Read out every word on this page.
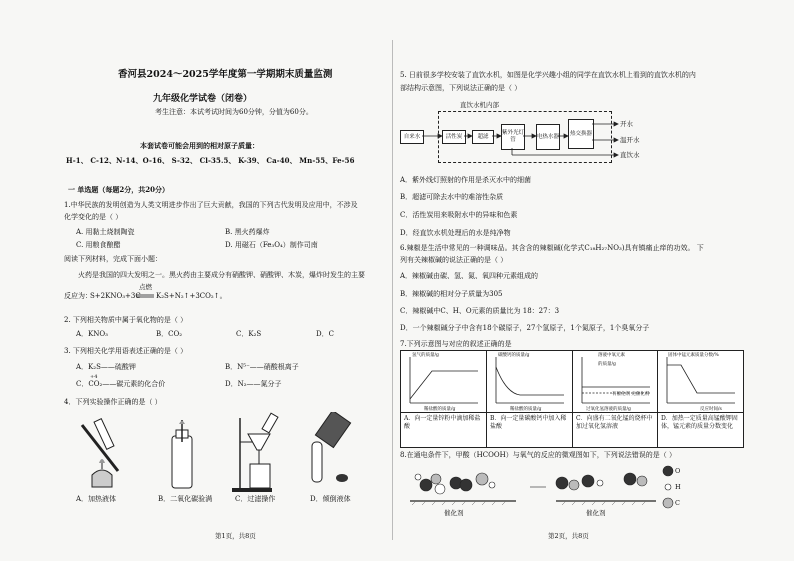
香河县2024～2025学年度第一学期期末质量监测
九年级化学试卷（闭卷）
考生注意：本试考试时间为60分钟，分值为60分。
本套试卷可能会用到的相对原子质量：
H-1、 C-12、N-14、O-16、 S-32、 Cl-35.5、 K-39、 Ca-40、 Mn-55、Fe-56
一 单选题（每题2分，共20分）
1.中华民族的发明创造为人类文明进步作出了巨大贡献，我国的下列古代发明及应用中，不涉及
化学变化的是（ ）
A. 用黏土烧制陶瓷	B. 黑火药爆炸
C. 用粮食酿醋	D. 用磁石（Fe₃O₄）制作司南
阅读下列材料，完成下面小题：
火药是我国的四大发明之一。黑火药由主要成分有硝酸钾、硝酸钾、木炭，爆炸时发生的主要
反应为：
S+2KNO₃+3C
点燃
K₂S+N₂↑+3CO₂↑。
2. 下列相关物质中属于氧化物的是（ ）
A．KNO₃	B．CO₂	C．K₂S	D．C
3. 下列相关化学用语表述正确的是（ ）
A．K₂S——硫酸钾	B．N⁵⁻——硝酸根离子
+4
C．CO₂——碳元素的化合价	D．N₂——氮分子
4．下列实验操作正确的是（ ）
A．加热液体	B．二氧化碳验满	C．过滤操作	D．倾倒液体
第1页，共8页
5. 日前很多学校安装了直饮水机，如图是化学兴趣小组的同学在直饮水机上看到的直饮水机的内
部结构示意图，下列说法正确的是（ ）
直饮水机内部
自来水	活性炭	超滤
紫外光灯管
电热水器	热交换器
开水
温开水
直饮水
A．紫外线灯照射的作用是杀灭水中的细菌
B．超滤可除去水中的难溶性杂质
C．活性炭用来吸附水中的异味和色素
D．经直饮水机处理后的水是纯净物
6.辣椒是生活中常见的一种调味品。其含含的辣椒碱(化学式C₁₈H₂₇NO₃)具有镇痛止痒的功效。 下
列有关辣椒碱的说法正确的是（ ）
A．辣椒碱由碳、氢、氮、氧四种元素组成的
B．辣椒碱的相对分子质量为305
C．辣椒碱中C、H、O元素的质量比为 18：27：3
D．一个辣椒碱分子中含有18个碳原子，27个氢原子，1个氮原子，1个臭氧分子
7.下列示意图与对应的叙述正确的是
氢气的质量/g
稀盐酸的质量/g
A．向一定量锌粉中滴加稀盐酸
碳酸钙的质量/g
稀盐酸的质量/g
B．向一定量碳酸钙中加入稀盐酸
溶液中氧元素的质量/g
有催化剂 无催化剂
过氧化氢溶液的质量/g
C．向盛有二氧化锰的烧杯中加过氧化氢溶液
固体中锰元素质量分数/%
反应时间/s
D．加热一定质量高锰酸钾固体，锰元素的质量分数变化
8.在通电条件下，甲酸（HCOOH）与氧气的反应的微观图如下，下列说法错误的是（ ）
催化剂	催化剂
O
H
C
第2页，共8页
